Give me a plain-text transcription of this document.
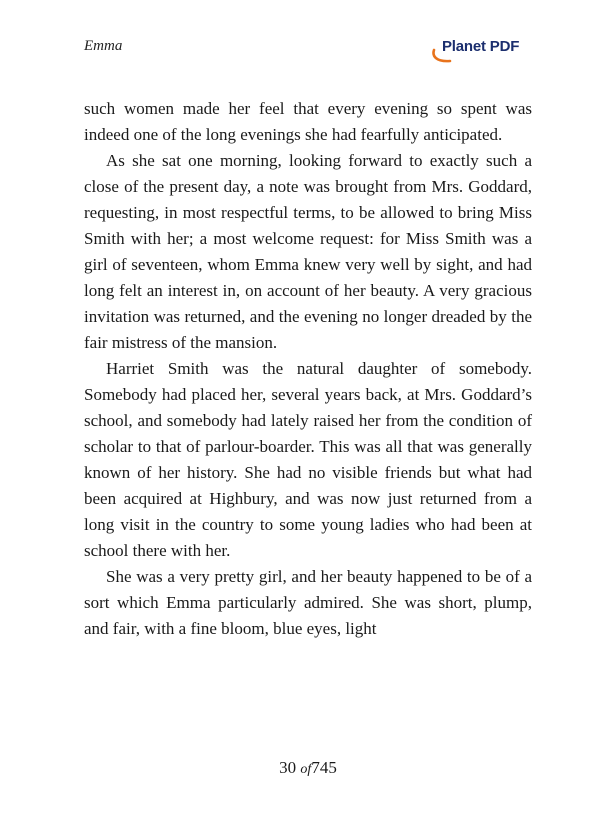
Emma	Planet PDF

such women made her feel that every evening so spent was indeed one of the long evenings she had fearfully anticipated.

As she sat one morning, looking forward to exactly such a close of the present day, a note was brought from Mrs. Goddard, requesting, in most respectful terms, to be allowed to bring Miss Smith with her; a most welcome request: for Miss Smith was a girl of seventeen, whom Emma knew very well by sight, and had long felt an interest in, on account of her beauty. A very gracious invitation was returned, and the evening no longer dreaded by the fair mistress of the mansion.

Harriet Smith was the natural daughter of somebody. Somebody had placed her, several years back, at Mrs. Goddard’s school, and somebody had lately raised her from the condition of scholar to that of parlour-boarder. This was all that was generally known of her history. She had no visible friends but what had been acquired at Highbury, and was now just returned from a long visit in the country to some young ladies who had been at school there with her.

She was a very pretty girl, and her beauty happened to be of a sort which Emma particularly admired. She was short, plump, and fair, with a fine bloom, blue eyes, light

30 of745
